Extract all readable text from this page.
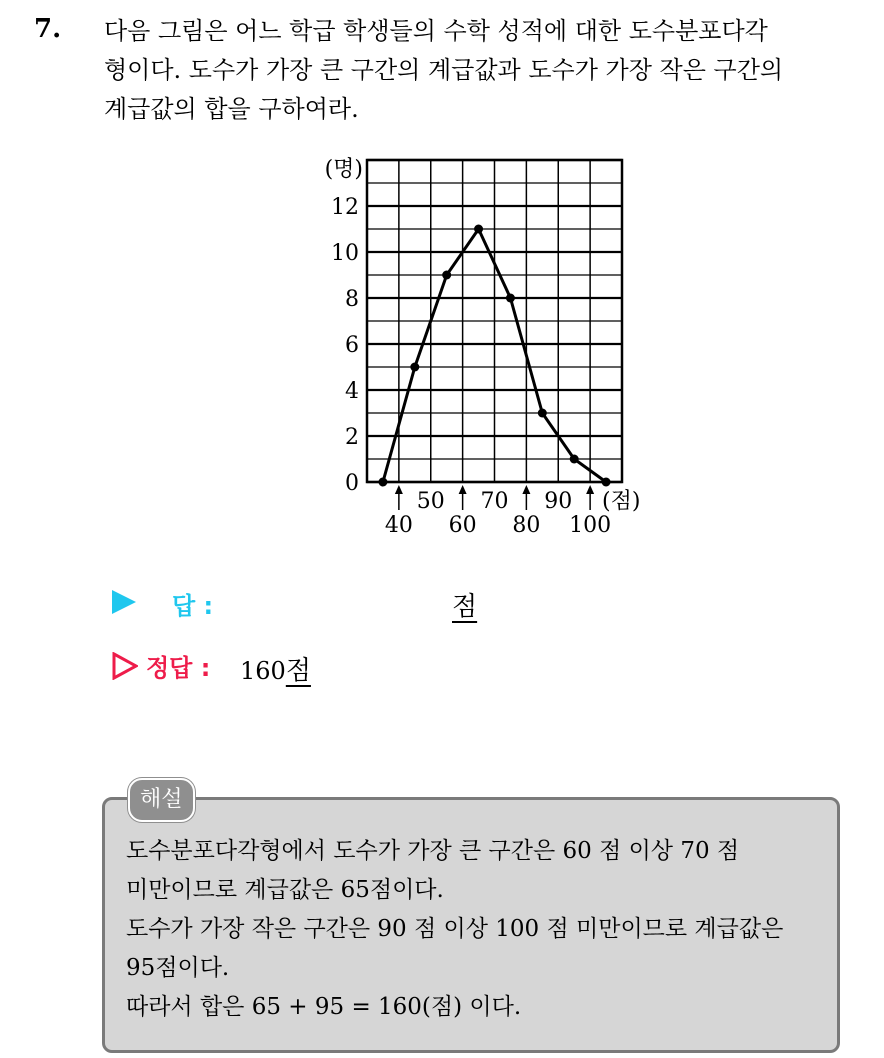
7. 다음 그림은 어느 학급 학생들의 수학 성적에 대한 도수분포다각
형이다. 도수가 가장 큰 구간의 계급값과 도수가 가장 작은 구간의
계급값의 합을 구하여라.
0
2
4
6
8
10
12
(명)
50 70 90
40 60 80 100
(점)
답 :	점
정답 : 160점
해설
도수분포다각형에서 도수가 가장 큰 구간은 60 점 이상 70 점
미만이므로 계급값은 65점이다.
도수가 가장 작은 구간은 90 점 이상 100 점 미만이므로 계급값은
95점이다.
따라서 합은 65 + 95 = 160(점) 이다.
